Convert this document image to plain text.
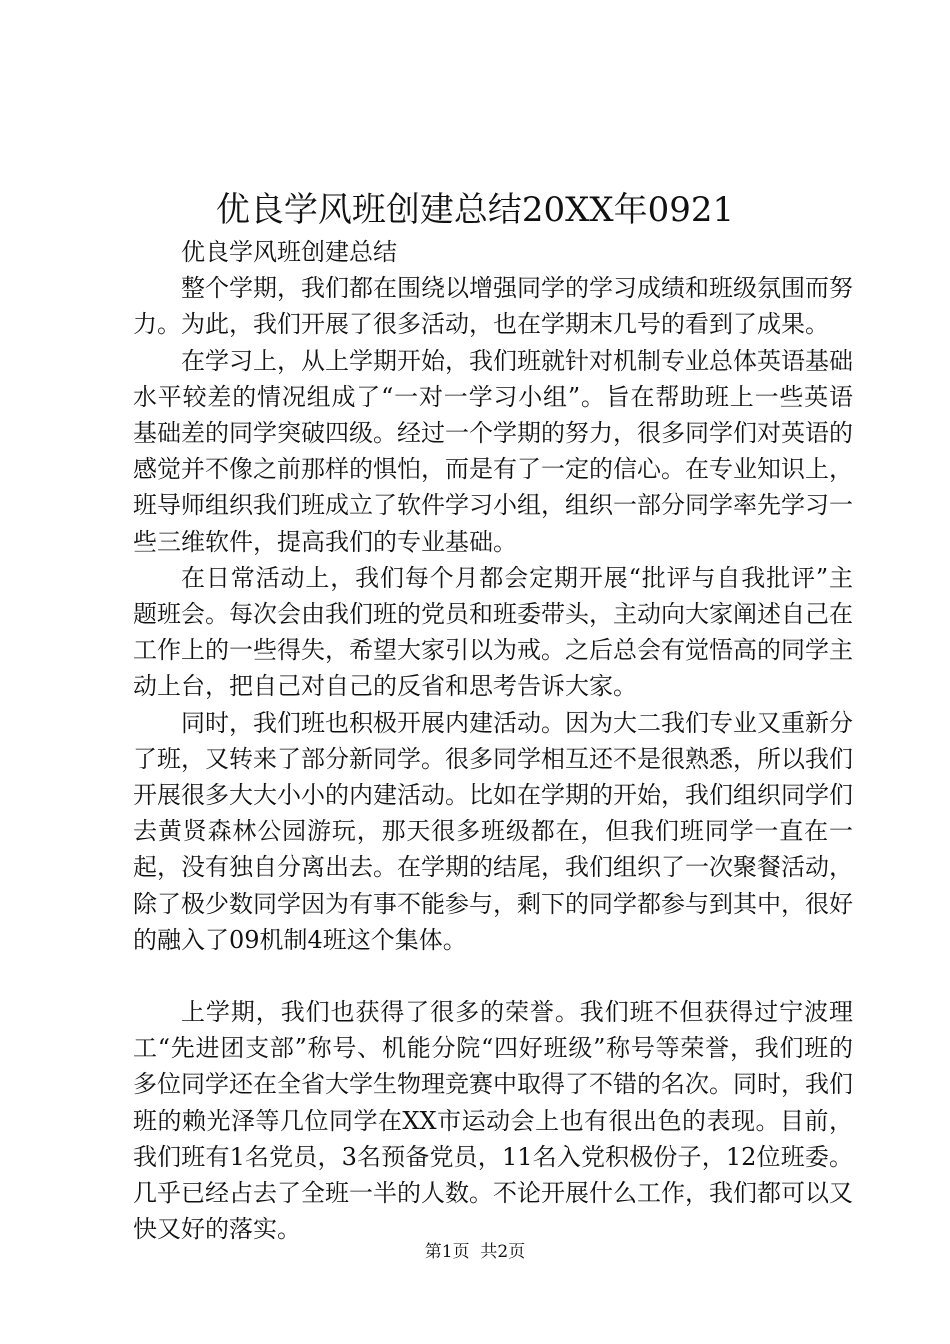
优良学风班创建总结20XX年0921

优良学风班创建总结

整个学期，我们都在围绕以增强同学的学习成绩和班级氛围而努力。为此，我们开展了很多活动，也在学期末几号的看到了成果。

在学习上，从上学期开始，我们班就针对机制专业总体英语基础水平较差的情况组成了“一对一学习小组”。旨在帮助班上一些英语基础差的同学突破四级。经过一个学期的努力，很多同学们对英语的感觉并不像之前那样的惧怕，而是有了一定的信心。在专业知识上，班导师组织我们班成立了软件学习小组，组织一部分同学率先学习一些三维软件，提高我们的专业基础。

在日常活动上，我们每个月都会定期开展“批评与自我批评”主题班会。每次会由我们班的党员和班委带头，主动向大家阐述自己在工作上的一些得失，希望大家引以为戒。之后总会有觉悟高的同学主动上台，把自己对自己的反省和思考告诉大家。

同时，我们班也积极开展内建活动。因为大二我们专业又重新分了班，又转来了部分新同学。很多同学相互还不是很熟悉，所以我们开展很多大大小小的内建活动。比如在学期的开始，我们组织同学们去黄贤森林公园游玩，那天很多班级都在，但我们班同学一直在一起，没有独自分离出去。在学期的结尾，我们组织了一次聚餐活动，除了极少数同学因为有事不能参与，剩下的同学都参与到其中，很好的融入了09机制4班这个集体。

上学期，我们也获得了很多的荣誉。我们班不但获得过宁波理工“先进团支部”称号、机能分院“四好班级”称号等荣誉，我们班的多位同学还在全省大学生物理竞赛中取得了不错的名次。同时，我们班的赖光泽等几位同学在XX市运动会上也有很出色的表现。目前，我们班有1名党员，3名预备党员，11名入党积极份子，12位班委。几乎已经占去了全班一半的人数。不论开展什么工作，我们都可以又快又好的落实。

第1页  共2页
